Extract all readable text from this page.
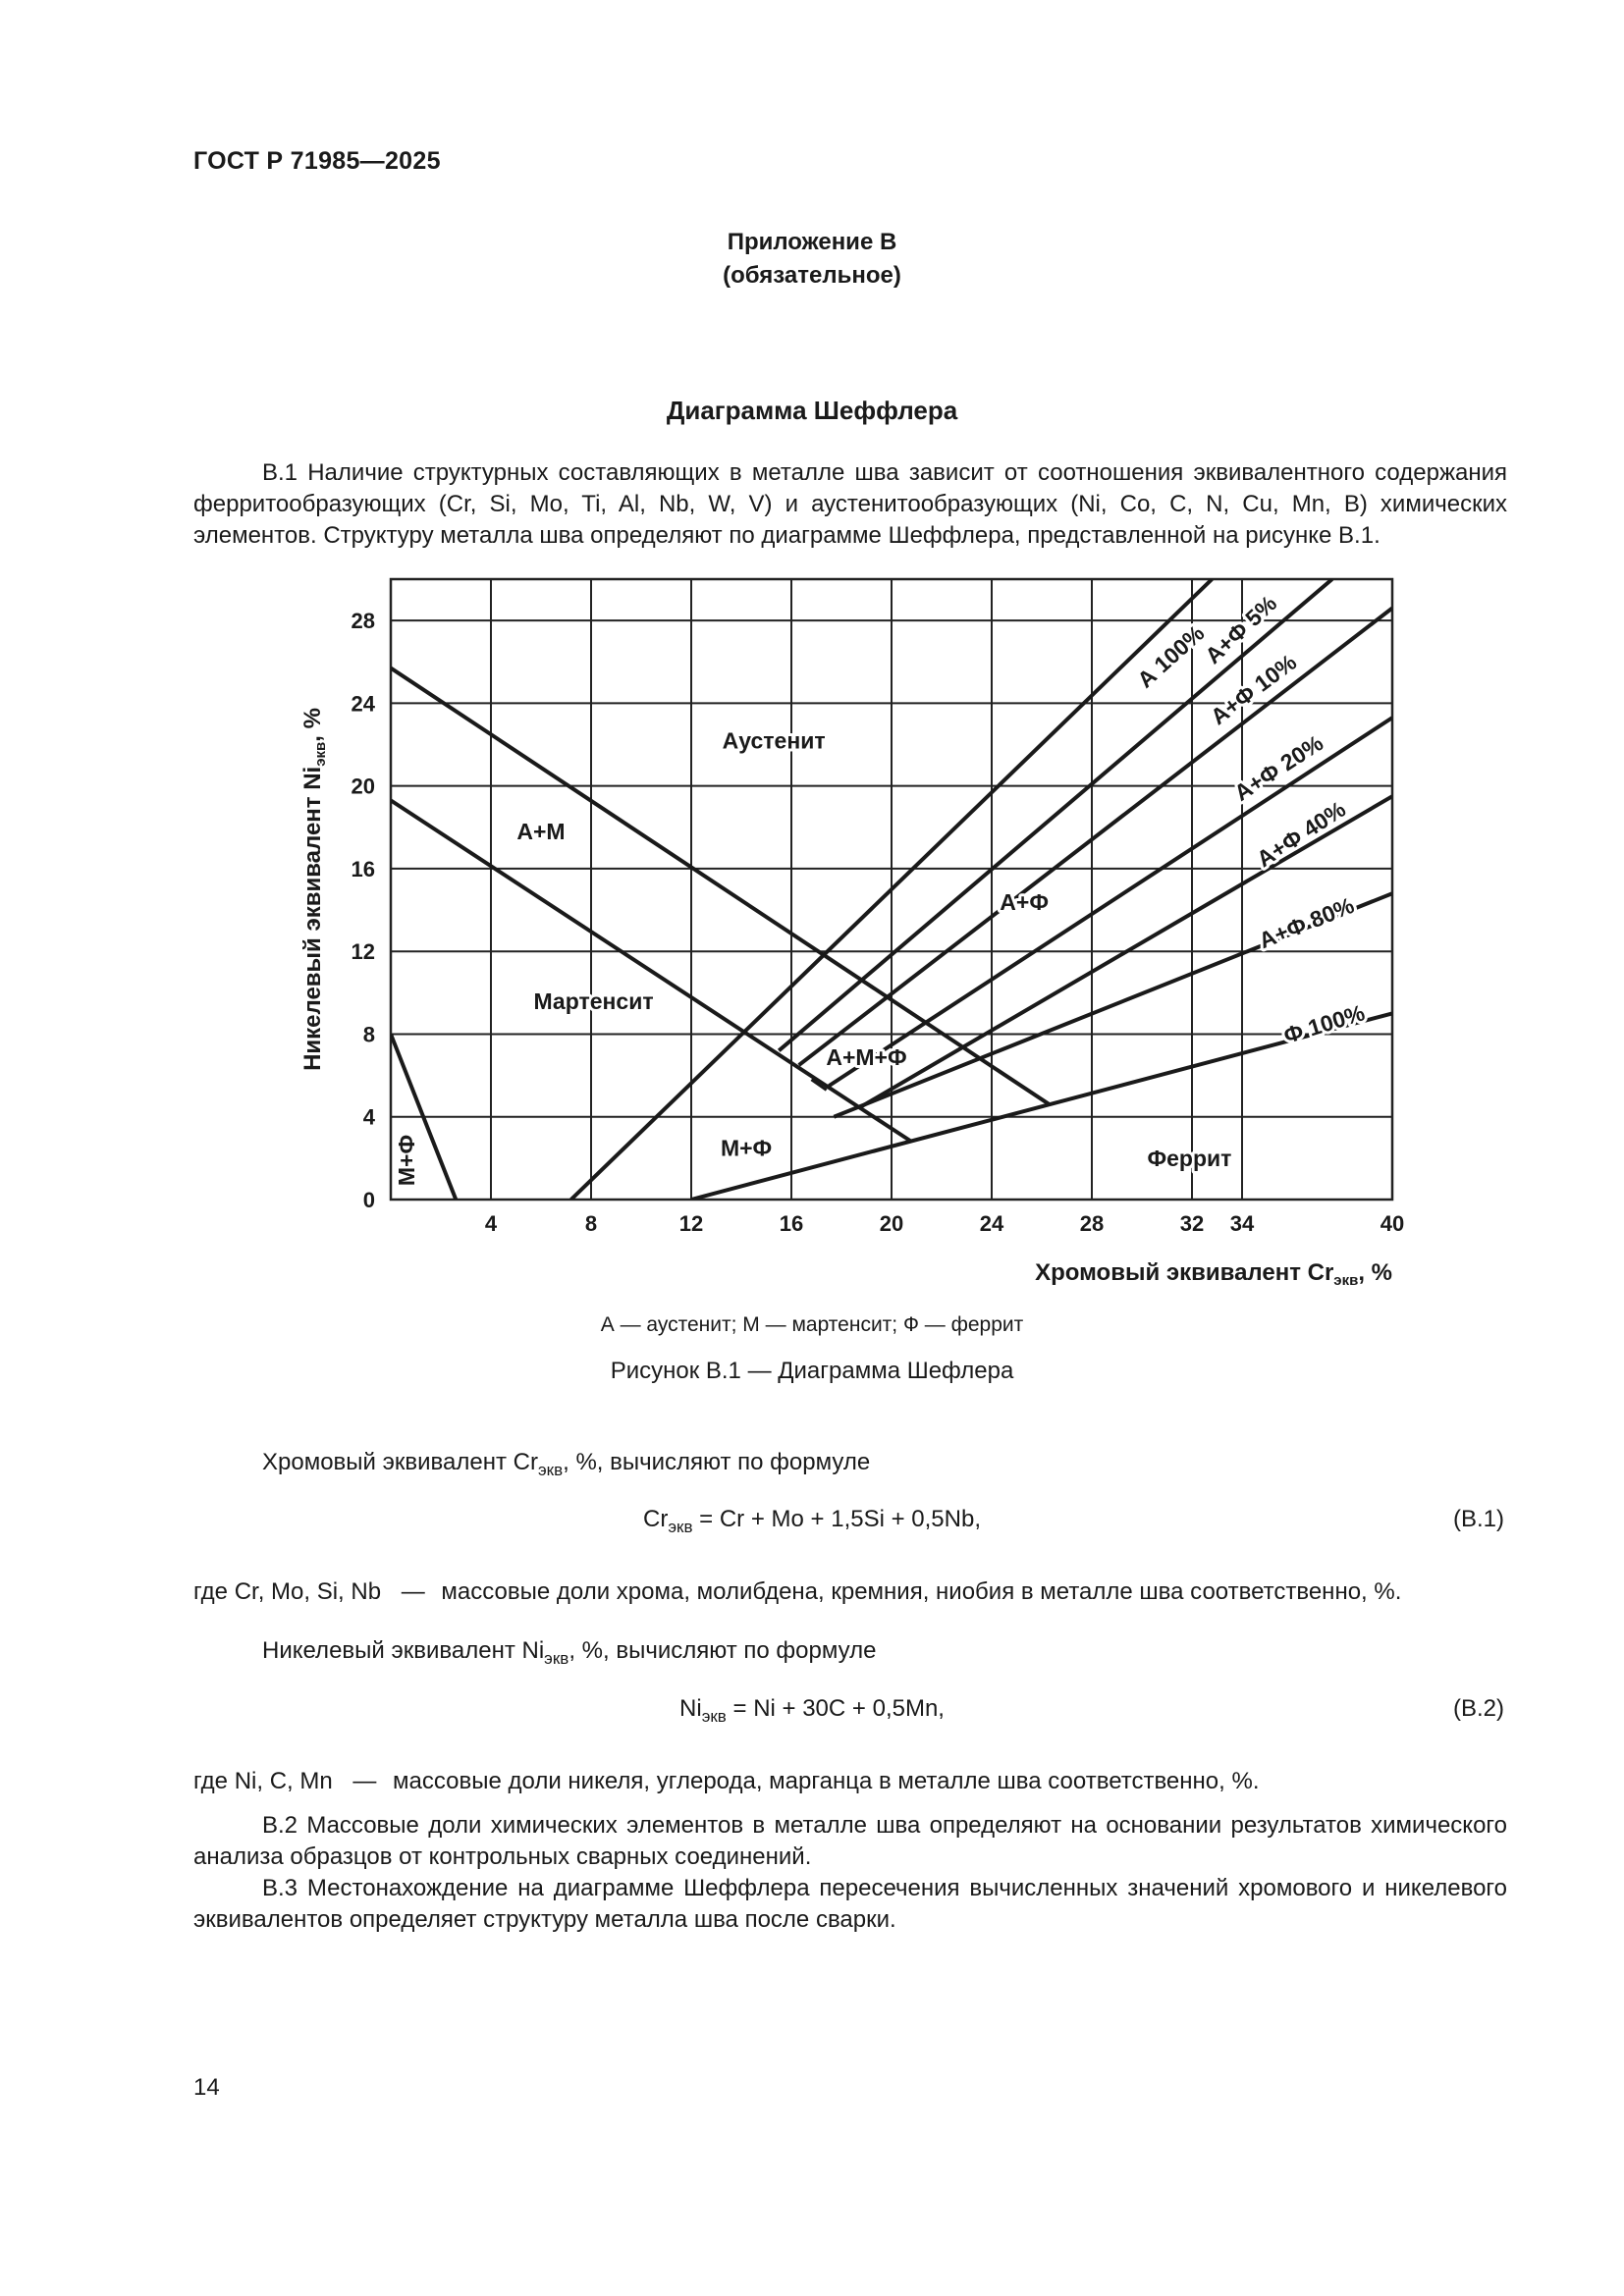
ГОСТ Р 71985—2025
Приложение В
(обязательное)
Диаграмма Шеффлера
В.1 Наличие структурных составляющих в металле шва зависит от соотношения эквивалентного содержания ферритообразующих (Cr, Si, Mo, Ti, Al, Nb, W, V) и аустенитообразующих (Ni, Co, C, N, Cu, Mn, B) химических элементов. Структуру металла шва определяют по диаграмме Шеффлера, представленной на рисунке В.1.
4	8	12	16	20	24	28	32 34	40
0
4
8
12
16
20
24
28
Хромовый эквивалент $Cr_{экв}$, %
Никелевый эквивалент $Ni_{экв}$, %	Аустенит
А+М
Мартенсит
А+М+Ф
А+Ф
М+Ф	Феррит
М+Ф
А 100%
А+Ф 5%
А+Ф 10%
А+Ф 20%
А+Ф 40%
А+Ф 80%
Ф 100%
А — аустенит; М — мартенсит; Ф — феррит
Рисунок В.1 — Диаграмма Шефлера
Хромовый эквивалент $Cr_{экв}$, %, вычисляют по формуле
$Cr_{экв} = Cr + Mo + 1,5Si + 0,5Nb$,	(В.1)
где Cr, Mo, Si, Nb — массовые доли хрома, молибдена, кремния, ниобия в металле шва соответственно, %.
Никелевый эквивалент $Ni_{экв}$, %, вычисляют по формуле
$Ni_{экв} = Ni + 30C + 0,5Mn$,	(В.2)
где Ni, C, Mn — массовые доли никеля, углерода, марганца в металле шва соответственно, %.
В.2 Массовые доли химических элементов в металле шва определяют на основании результатов химического анализа образцов от контрольных сварных соединений.
В.3 Местонахождение на диаграмме Шеффлера пересечения вычисленных значений хромового и никелевого эквивалентов определяет структуру металла шва после сварки.
14
